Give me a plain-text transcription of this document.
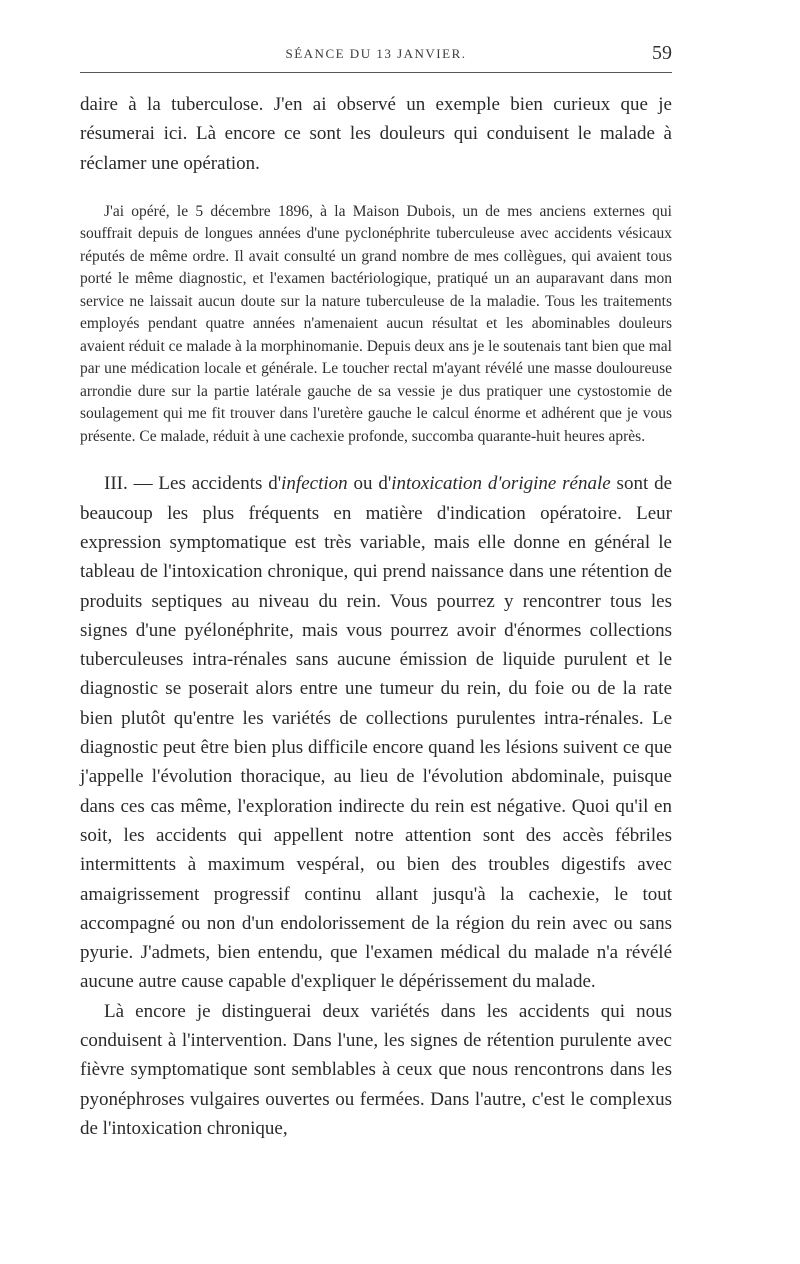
SÉANCE DU 13 JANVIER.	59

daire à la tuberculose. J'en ai observé un exemple bien curieux que je résumerai ici. Là encore ce sont les douleurs qui conduisent le malade à réclamer une opération.

J'ai opéré, le 5 décembre 1896, à la Maison Dubois, un de mes anciens externes qui souffrait depuis de longues années d'une pyclonéphrite tuberculeuse avec accidents vésicaux réputés de même ordre. Il avait consulté un grand nombre de mes collègues, qui avaient tous porté le même diagnostic, et l'examen bactériologique, pratiqué un an auparavant dans mon service ne laissait aucun doute sur la nature tuberculeuse de la maladie. Tous les traitements employés pendant quatre années n'amenaient aucun résultat et les abominables douleurs avaient réduit ce malade à la morphinomanie. Depuis deux ans je le soutenais tant bien que mal par une médication locale et générale. Le toucher rectal m'ayant révélé une masse douloureuse arrondie dure sur la partie latérale gauche de sa vessie je dus pratiquer une cystostomie de soulagement qui me fit trouver dans l'uretère gauche le calcul énorme et adhérent que je vous présente. Ce malade, réduit à une cachexie profonde, succomba quarante-huit heures après.

III. — Les accidents d'infection ou d'intoxication d'origine rénale sont de beaucoup les plus fréquents en matière d'indication opératoire. Leur expression symptomatique est très variable, mais elle donne en général le tableau de l'intoxication chronique, qui prend naissance dans une rétention de produits septiques au niveau du rein. Vous pourrez y rencontrer tous les signes d'une pyélonéphrite, mais vous pourrez avoir d'énormes collections tuberculeuses intra-rénales sans aucune émission de liquide purulent et le diagnostic se poserait alors entre une tumeur du rein, du foie ou de la rate bien plutôt qu'entre les variétés de collections purulentes intra-rénales. Le diagnostic peut être bien plus difficile encore quand les lésions suivent ce que j'appelle l'évolution thoracique, au lieu de l'évolution abdominale, puisque dans ces cas même, l'exploration indirecte du rein est négative. Quoi qu'il en soit, les accidents qui appellent notre attention sont des accès fébriles intermittents à maximum vespéral, ou bien des troubles digestifs avec amaigrissement progressif continu allant jusqu'à la cachexie, le tout accompagné ou non d'un endolorissement de la région du rein avec ou sans pyurie. J'admets, bien entendu, que l'examen médical du malade n'a révélé aucune autre cause capable d'expliquer le dépérissement du malade.

Là encore je distinguerai deux variétés dans les accidents qui nous conduisent à l'intervention. Dans l'une, les signes de rétention purulente avec fièvre symptomatique sont semblables à ceux que nous rencontrons dans les pyonéphroses vulgaires ouvertes ou fermées. Dans l'autre, c'est le complexus de l'intoxication chronique,
